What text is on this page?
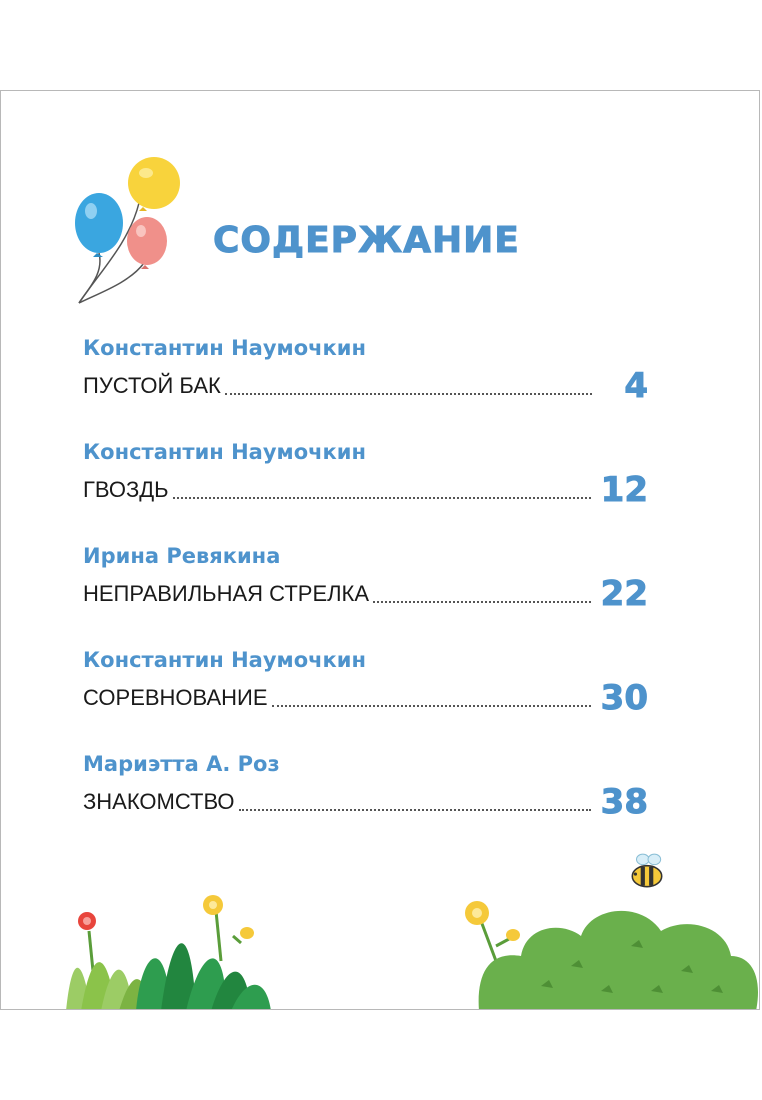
СОДЕРЖАНИЕ
Константин Наумочкин
ПУСТОЙ БАК	4
Константин Наумочкин
ГВОЗДЬ	12
Ирина Ревякина
НЕПРАВИЛЬНАЯ СТРЕЛКА	22
Константин Наумочкин
СОРЕВНОВАНИЕ	30
Мариэтта А. Роз
ЗНАКОМСТВО	38
